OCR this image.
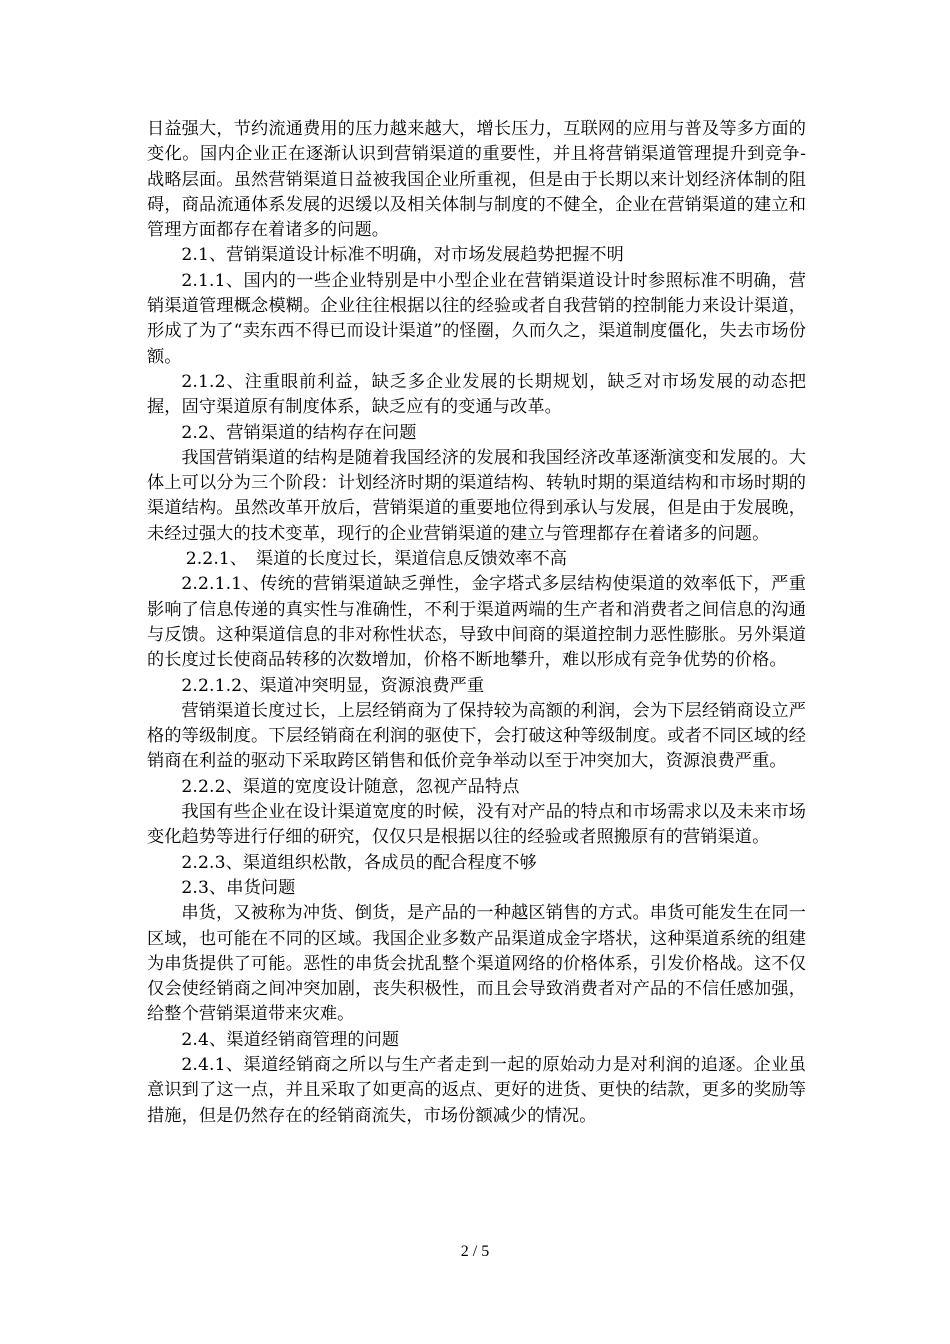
日益强大，节约流通费用的压力越来越大，增长压力，互联网的应用与普及等多方面的变化。国内企业正在逐渐认识到营销渠道的重要性，并且将营销渠道管理提升到竞争-战略层面。虽然营销渠道日益被我国企业所重视，但是由于长期以来计划经济体制的阻碍，商品流通体系发展的迟缓以及相关体制与制度的不健全，企业在营销渠道的建立和管理方面都存在着诸多的问题。

2.1、营销渠道设计标准不明确，对市场发展趋势把握不明

2.1.1、国内的一些企业特别是中小型企业在营销渠道设计时参照标准不明确，营销渠道管理概念模糊。企业往往根据以往的经验或者自我营销的控制能力来设计渠道，形成了为了“卖东西不得已而设计渠道”的怪圈，久而久之，渠道制度僵化，失去市场份额。

2.1.2、注重眼前利益，缺乏多企业发展的长期规划，缺乏对市场发展的动态把握，固守渠道原有制度体系，缺乏应有的变通与改革。

2.2、营销渠道的结构存在问题

我国营销渠道的结构是随着我国经济的发展和我国经济改革逐渐演变和发展的。大体上可以分为三个阶段：计划经济时期的渠道结构、转轨时期的渠道结构和市场时期的渠道结构。虽然改革开放后，营销渠道的重要地位得到承认与发展，但是由于发展晚，未经过强大的技术变革，现行的企业营销渠道的建立与管理都存在着诸多的问题。

2.2.1、　渠道的长度过长，渠道信息反馈效率不高

2.2.1.1、传统的营销渠道缺乏弹性，金字塔式多层结构使渠道的效率低下，严重影响了信息传递的真实性与准确性，不利于渠道两端的生产者和消费者之间信息的沟通与反馈。这种渠道信息的非对称性状态，导致中间商的渠道控制力恶性膨胀。另外渠道的长度过长使商品转移的次数增加，价格不断地攀升，难以形成有竞争优势的价格。

2.2.1.2、渠道冲突明显，资源浪费严重

营销渠道长度过长，上层经销商为了保持较为高额的利润，会为下层经销商设立严格的等级制度。下层经销商在利润的驱使下，会打破这种等级制度。或者不同区域的经销商在利益的驱动下采取跨区销售和低价竞争举动以至于冲突加大，资源浪费严重。

2.2.2、渠道的宽度设计随意，忽视产品特点

我国有些企业在设计渠道宽度的时候，没有对产品的特点和市场需求以及未来市场变化趋势等进行仔细的研究，仅仅只是根据以往的经验或者照搬原有的营销渠道。

2.2.3、渠道组织松散，各成员的配合程度不够

2.3、串货问题

串货，又被称为冲货、倒货，是产品的一种越区销售的方式。串货可能发生在同一区域，也可能在不同的区域。我国企业多数产品渠道成金字塔状，这种渠道系统的组建为串货提供了可能。恶性的串货会扰乱整个渠道网络的价格体系，引发价格战。这不仅仅会使经销商之间冲突加剧，丧失积极性，而且会导致消费者对产品的不信任感加强，给整个营销渠道带来灾难。

2.4、渠道经销商管理的问题

2.4.1、渠道经销商之所以与生产者走到一起的原始动力是对利润的追逐。企业虽意识到了这一点，并且采取了如更高的返点、更好的进货、更快的结款，更多的奖励等措施，但是仍然存在的经销商流失，市场份额减少的情况。

2 / 5
